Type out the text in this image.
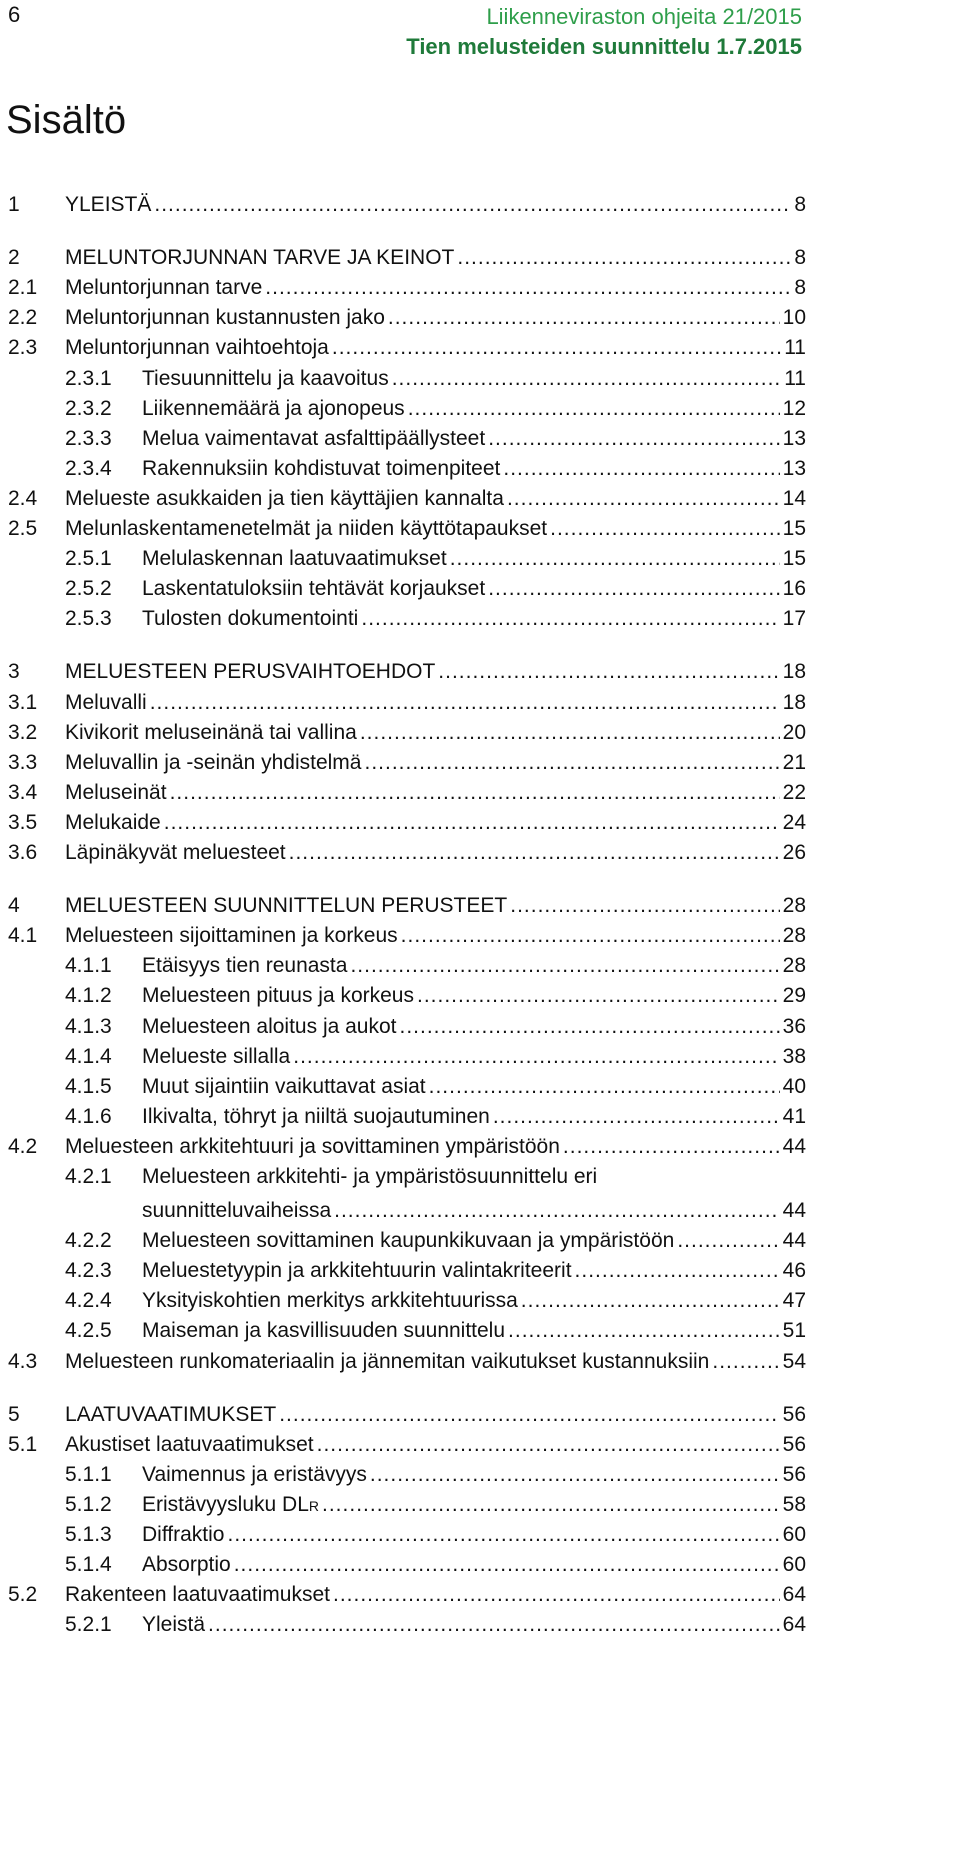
6	Liikenneviraston ohjeita 21/2015
Tien melusteiden suunnittelu 1.7.2015
Sisältö
1 YLEISTÄ .....	8
2 MELUNTORJUNNAN TARVE JA KEINOT .....	8
2.1 Meluntorjunnan tarve .....	8
2.2 Meluntorjunnan kustannusten jako .....	10
2.3 Meluntorjunnan vaihtoehtoja .....	11
2.3.1 Tiesuunnittelu ja kaavoitus .....	11
2.3.2 Liikennemäärä ja ajonopeus .....	12
2.3.3 Melua vaimentavat asfalttipäällysteet .....	13
2.3.4 Rakennuksiin kohdistuvat toimenpiteet .....	13
2.4 Melueste asukkaiden ja tien käyttäjien kannalta .....	14
2.5 Melunlaskentamenetelmät ja niiden käyttötapaukset .....	15
2.5.1 Melulaskennan laatuvaatimukset .....	15
2.5.2 Laskentatuloksiin tehtävät korjaukset .....	16
2.5.3 Tulosten dokumentointi .....	17
3 MELUESTEEN PERUSVAIHTOEHDOT .....	18
3.1 Meluvalli .....	18
3.2 Kivikorit meluseinänä tai vallina .....	20
3.3 Meluvallin ja -seinän yhdistelmä .....	21
3.4 Meluseinät .....	22
3.5 Melukaide .....	24
3.6 Läpinäkyvät meluesteet .....	26
4 MELUESTEEN SUUNNITTELUN PERUSTEET .....	28
4.1 Meluesteen sijoittaminen ja korkeus .....	28
4.1.1 Etäisyys tien reunasta .....	28
4.1.2 Meluesteen pituus ja korkeus .....	29
4.1.3 Meluesteen aloitus ja aukot .....	36
4.1.4 Melueste sillalla .....	38
4.1.5 Muut sijaintiin vaikuttavat asiat .....	40
4.1.6 Ilkivalta, töhryt ja niiltä suojautuminen .....	41
4.2 Meluesteen arkkitehtuuri ja sovittaminen ympäristöön .....	44
4.2.1 Meluesteen arkkitehti- ja ympäristösuunnittelu eri
suunnitteluvaiheissa .....	44
4.2.2 Meluesteen sovittaminen kaupunkikuvaan ja ympäristöön .....	44
4.2.3 Meluestetyypin ja arkkitehtuurin valintakriteerit .....	46
4.2.4 Yksityiskohtien merkitys arkkitehtuurissa .....	47
4.2.5 Maiseman ja kasvillisuuden suunnittelu .....	51
4.3 Meluesteen runkomateriaalin ja jännemitan vaikutukset kustannuksiin .....	54
5 LAATUVAATIMUKSET .....	56
5.1 Akustiset laatuvaatimukset .....	56
5.1.1 Vaimennus ja eristävyys .....	56
5.1.2 Eristävyysluku DL R .....	58
5.1.3 Diffraktio .....	60
5.1.4 Absorptio .....	60
5.2 Rakenteen laatuvaatimukset .....	64
5.2.1 Yleistä .....	64
